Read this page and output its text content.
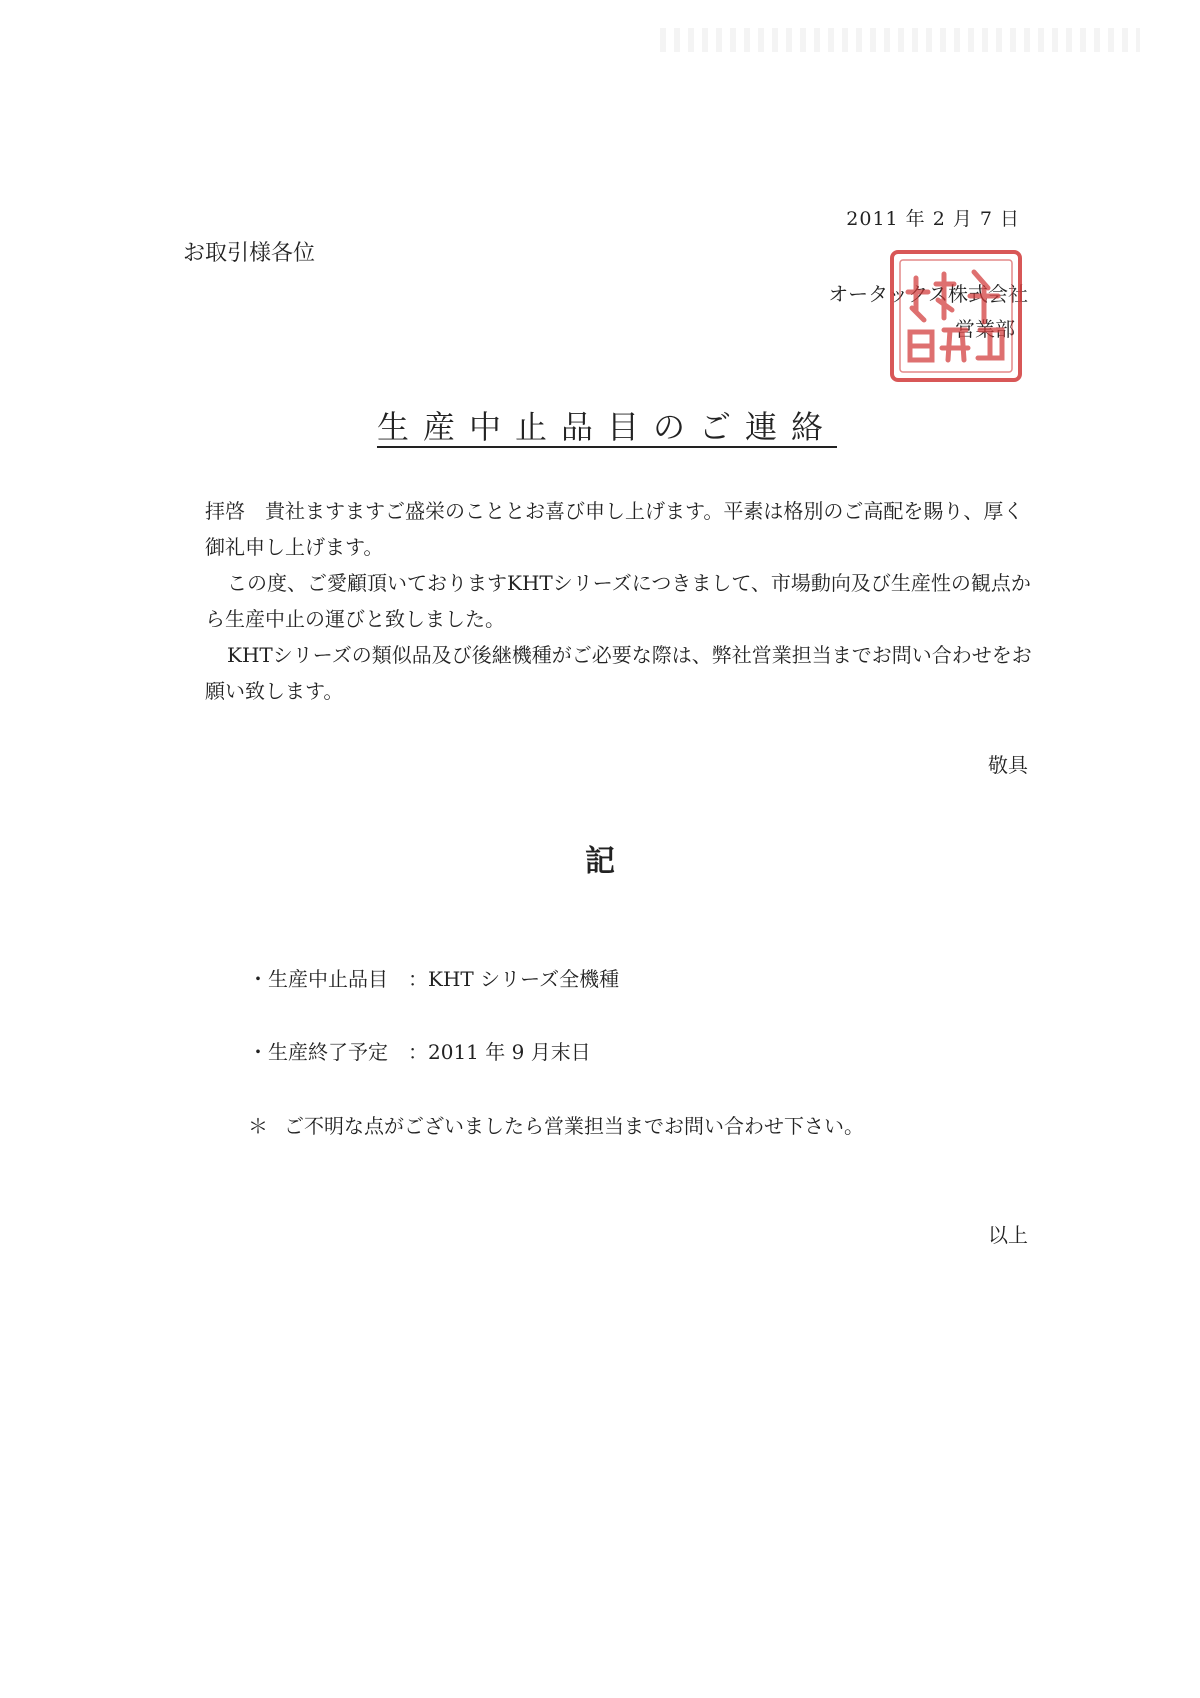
2011 年 2 月 7 日
お取引様各位
オータックス株式会社
営業部
生産中止品目のご連絡
拝啓　貴社ますますご盛栄のこととお喜び申し上げます。平素は格別のご高配を賜り、厚く御礼申し上げます。
この度、ご愛顧頂いておりますKHTシリーズにつきまして、市場動向及び生産性の観点から生産中止の運びと致しました。
KHTシリーズの類似品及び後継機種がご必要な際は、弊社営業担当までお問い合わせをお願い致します。
敬具
記
・生産中止品目 ：KHT シリーズ全機種
・生産終了予定 ：2011 年 9 月末日
＊ ご不明な点がございましたら営業担当までお問い合わせ下さい。
以上
